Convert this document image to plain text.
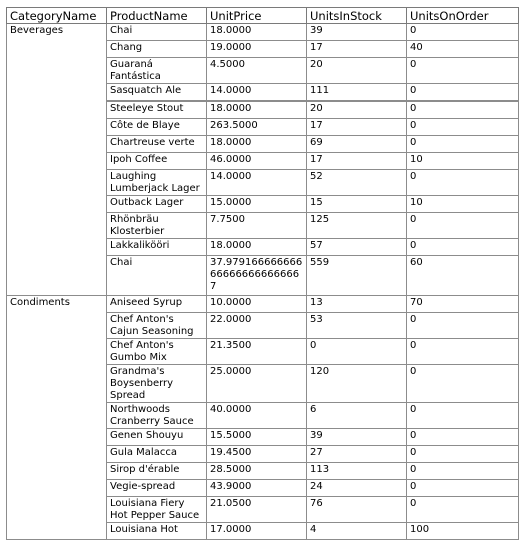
CategoryName	ProductName	UnitPrice	UnitsInStock	UnitsOnOrder
Beverages	Chai	18.0000	39	0
	Chang	19.0000	17	40
	Guaraná Fantástica	4.5000	20	0
	Sasquatch Ale	14.0000	111	0
	Steeleye Stout	18.0000	20	0
	Côte de Blaye	263.5000	17	0
	Chartreuse verte	18.0000	69	0
	Ipoh Coffee	46.0000	17	10
	Laughing Lumberjack Lager	14.0000	52	0
	Outback Lager	15.0000	15	10
	Rhönbräu Klosterbier	7.7500	125	0
	Lakkalikööri	18.0000	57	0
	Chai	37.979166666666666666666666667	559	60
Condiments	Aniseed Syrup	10.0000	13	70
	Chef Anton's Cajun Seasoning	22.0000	53	0
	Chef Anton's Gumbo Mix	21.3500	0	0
	Grandma's Boysenberry Spread	25.0000	120	0
	Northwoods Cranberry Sauce	40.0000	6	0
	Genen Shouyu	15.5000	39	0
	Gula Malacca	19.4500	27	0
	Sirop d'érable	28.5000	113	0
	Vegie-spread	43.9000	24	0
	Louisiana Fiery Hot Pepper Sauce	21.0500	76	0
	Louisiana Hot	17.0000	4	100
